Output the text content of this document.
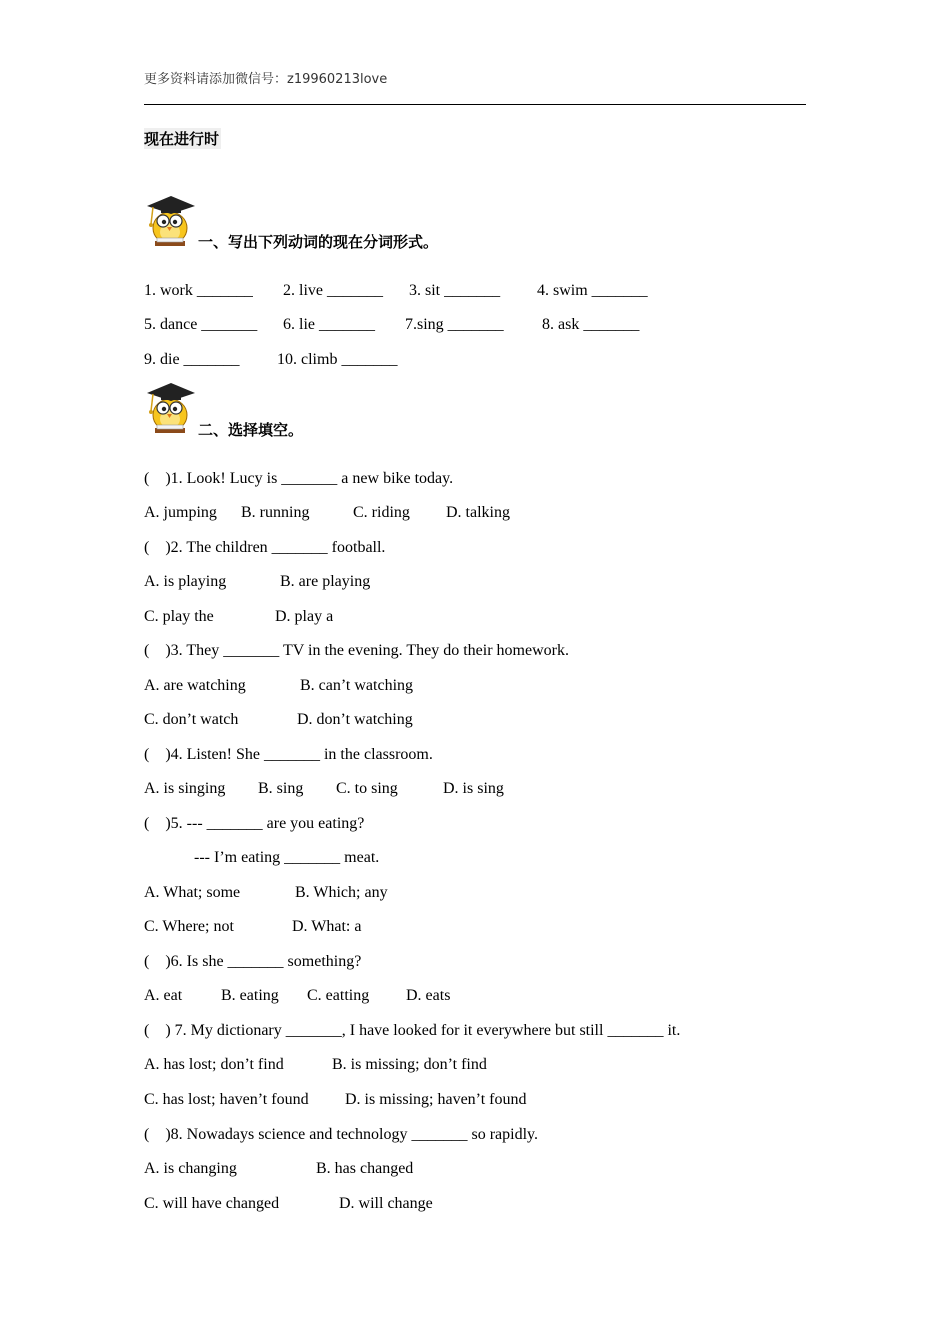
更多资料请添加微信号：z19960213love
现在进行时
一、写出下列动词的现在分词形式。

1. work _______

2. live _______

3. sit _______

4. swim _______

5. dance _______

6. lie _______

7.sing _______

8. ask _______

9. die _______

10. climb _______

二、选择填空。

(    )1. Look! Lucy is _______ a new bike today.

A. jumping

B. running

	C. riding

D. talking

(    )2. The children _______ football.

A. is playing

	B. are playing

C. play the

	D. play a

(    )3. They _______ TV in the evening. They do their homework.

A. are watching

	B. can’t watching

C. don’t watch

	D. don’t watching

(    )4. Listen! She _______ in the classroom.

A. is singing

B. sing

C. to sing

	D. is sing

(    )5. --- _______ are you eating?

--- I’m eating _______ meat.

A. What; some

	B. Which; any

C. Where; not

	D. What: a

(    )6. Is she _______ something?

A. eat

B. eating

C. eatting

D. eats

(    ) 7. My dictionary _______, I have looked for it everywhere but still _______ it.

A. has lost; don’t find

	B. is missing; don’t find

C. has lost; haven’t found

D. is missing; haven’t found

(    )8. Nowadays science and technology _______ so rapidly.

A. is changing

	B. has changed

C. will have changed

	D. will change
